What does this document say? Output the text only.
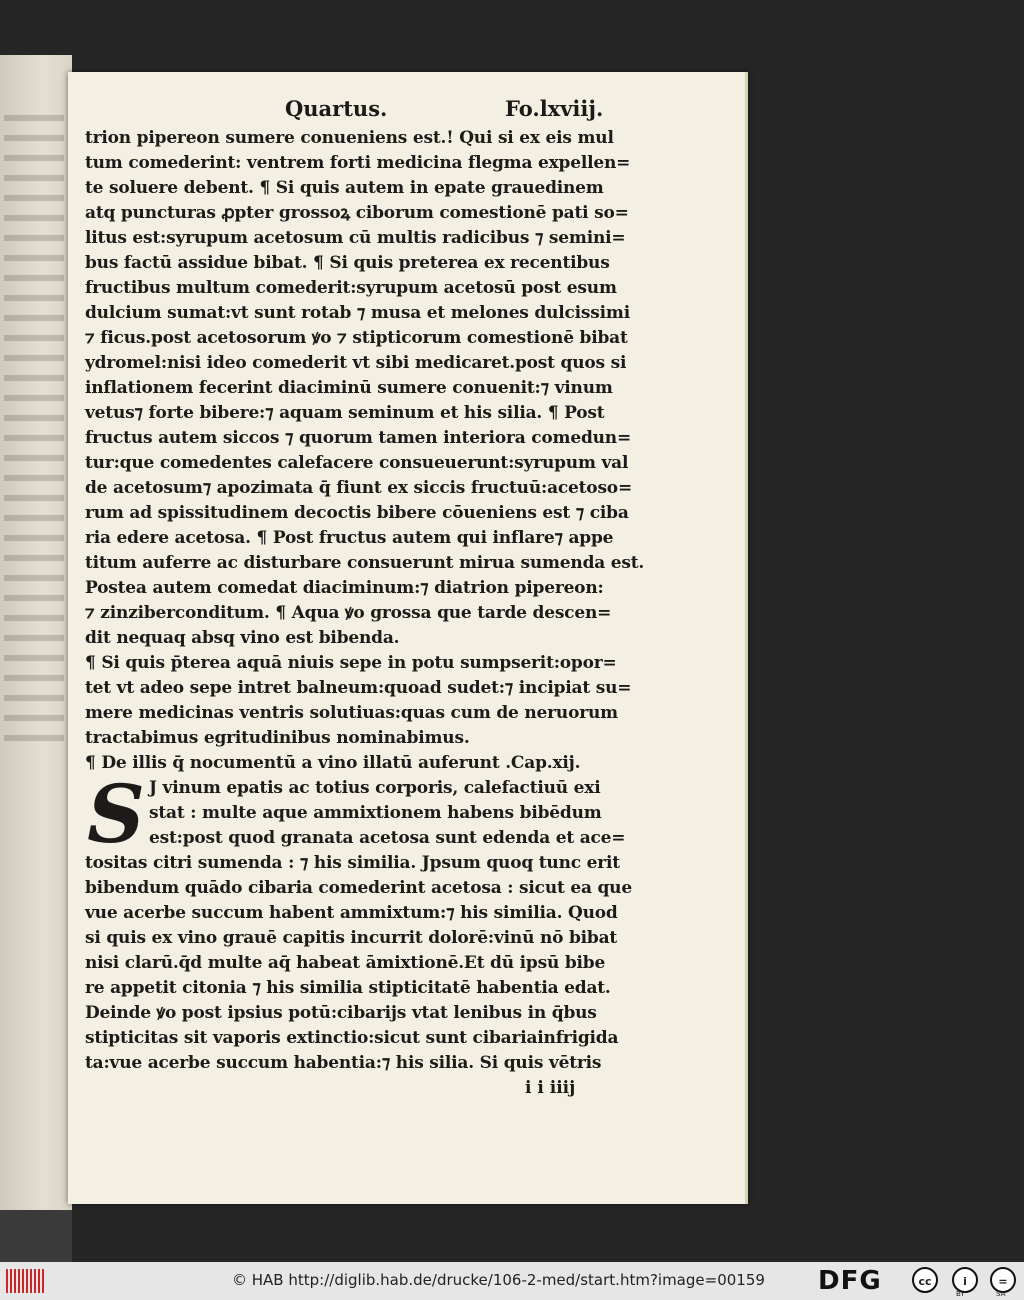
Quartus.	Fo.lxviij.
trion pipereon sumere conueniens est.! Qui si ex eis mul
tum comederint: ventrem forti medicina flegma expellen=
te soluere debent. ¶ Si quis autem in epate grauedinem
atq puncturas ꝓpter grossoꝝ ciborum comestionē pati so=
litus est:syrupum acetosum cū multis radicibus ⁊ semini=
bus factū assidue bibat. ¶ Si quis preterea ex recentibus
fructibus multum comederit:syrupum acetosū post esum
dulcium sumat:vt sunt rotab ⁊ musa et melones dulcissimi
⁊ ficus.post acetosorum ꝟo ⁊ stipticorum comestionē bibat
ydromel:nisi ideo comederit vt sibi medicaret.post quos si
inflationem fecerint diaciminū sumere conuenit:⁊ vinum
vetus⁊ forte bibere:⁊ aquam seminum et his silia. ¶ Post
fructus autem siccos ⁊ quorum tamen interiora comedun=
tur:que comedentes calefacere consueuerunt:syrupum val
de acetosum⁊ apozimata q̄ fiunt ex siccis fructuū:acetoso=
rum ad spissitudinem decoctis bibere cōueniens est ⁊ ciba
ria edere acetosa. ¶ Post fructus autem qui inflare⁊ appe
titum auferre ac disturbare consuerunt mirua sumenda est.
Postea autem comedat diaciminum:⁊ diatrion pipereon:
⁊ zinziberconditum. ¶ Aqua ꝟo grossa que tarde descen=
dit nequaq absq vino est bibenda.
¶ Si quis p̄terea aquā niuis sepe in potu sumpserit:opor=
tet vt adeo sepe intret balneum:quoad sudet:⁊ incipiat su=
mere medicinas ventris solutiuas:quas cum de neruorum
tractabimus egritudinibus nominabimus.
¶ De illis q̄ nocumentū a vino illatū auferunt .Cap.xij.
S J vinum epatis ac totius corporis, calefactiuū exi
stat : multe aque ammixtionem habens bibēdum
est:post quod granata acetosa sunt edenda et ace=
tositas citri sumenda : ⁊ his similia. Jpsum quoq tunc erit
bibendum quādo cibaria comederint acetosa : sicut ea que
vue acerbe succum habent ammixtum:⁊ his similia. Quod
si quis ex vino grauē capitis incurrit dolorē:vinū nō bibat
nisi clarū.q̄d multe aq̄ habeat āmixtionē.Et dū ipsū bibe
re appetit citonia ⁊ his similia stipticitatē habentia edat.
Deinde ꝟo post ipsius potū:cibarijs vtat lenibus in q̄bus
stipticitas sit vaporis extinctio:sicut sunt cibariainfrigida
ta:vue acerbe succum habentia:⁊ his silia. Si quis vētris
i i iiij
© HAB http://diglib.hab.de/drucke/106-2-med/start.htm?image=00159 DFG	cc	i	=
BY	SA
